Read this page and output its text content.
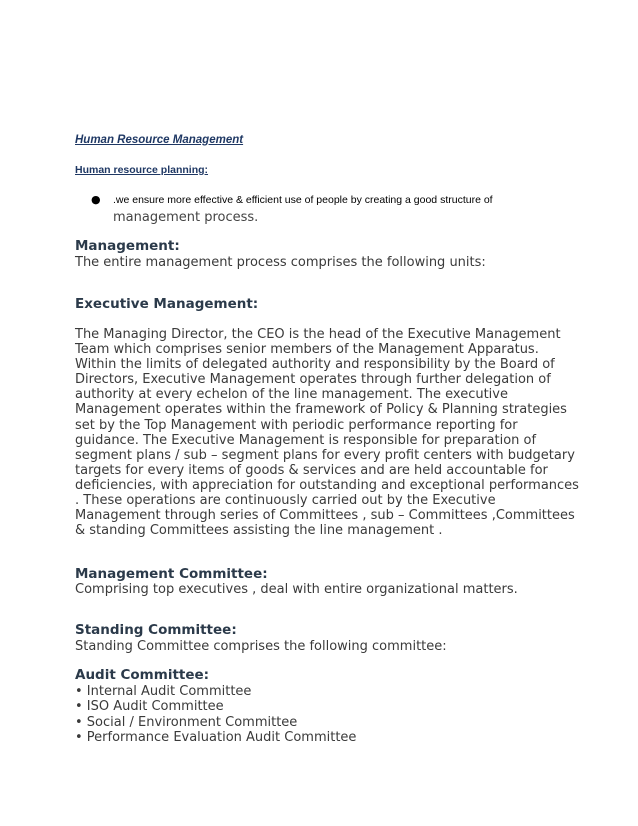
Human Resource Management
Human resource planning:
● .we ensure more effective & efficient use of people by creating a good structure of
management process.
Management:
The entire management process comprises the following units:
Executive Management:
The Managing Director, the CEO is the head of the Executive Management
Team which comprises senior members of the Management Apparatus.
Within the limits of delegated authority and responsibility by the Board of
Directors, Executive Management operates through further delegation of
authority at every echelon of the line management. The executive
Management operates within the framework of Policy & Planning strategies
set by the Top Management with periodic performance reporting for
guidance. The Executive Management is responsible for preparation of
segment plans / sub – segment plans for every profit centers with budgetary
targets for every items of goods & services and are held accountable for
deficiencies, with appreciation for outstanding and exceptional performances
. These operations are continuously carried out by the Executive
Management through series of Committees , sub – Committees ,Committees
& standing Committees assisting the line management .
Management Committee:
Comprising top executives , deal with entire organizational matters.
Standing Committee:
Standing Committee comprises the following committee:
Audit Committee:
• Internal Audit Committee
• ISO Audit Committee
• Social / Environment Committee
• Performance Evaluation Audit Committee
